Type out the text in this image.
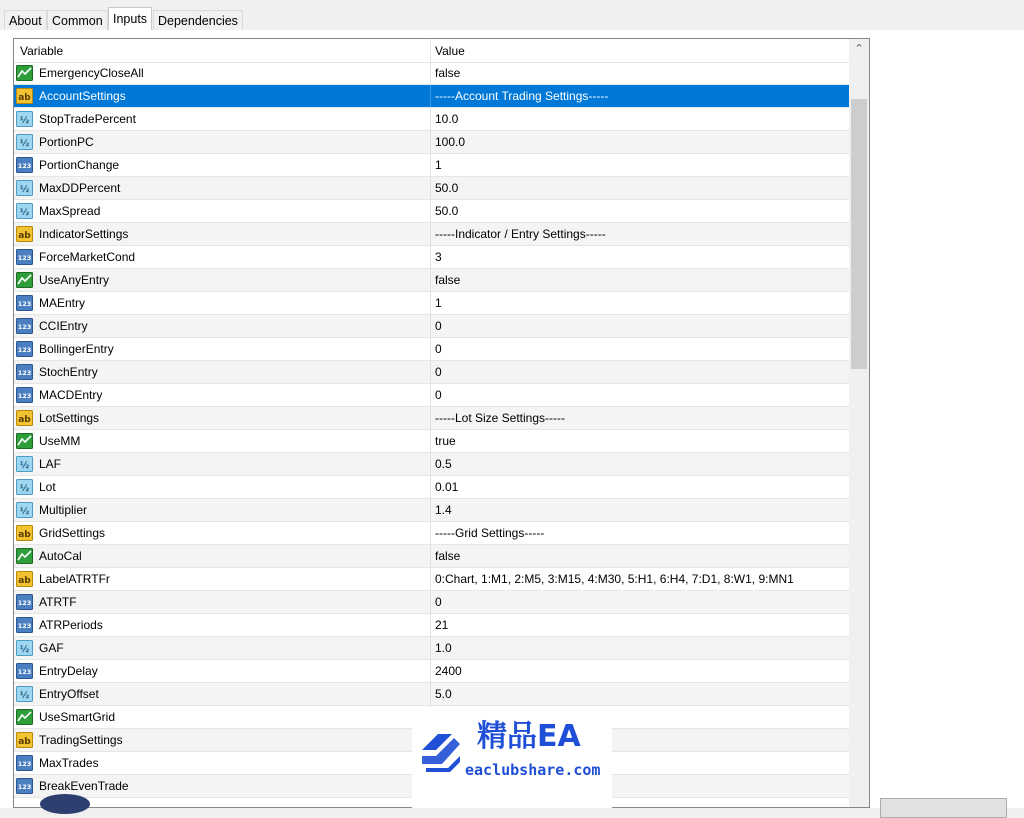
About Common Inputs Dependencies
Variable	Value
EmergencyCloseAll	false
ab AccountSettings	-----Account Trading Settings-----
½ StopTradePercent	10.0
½ PortionPC	100.0
123 PortionChange	1
½ MaxDDPercent	50.0
½ MaxSpread	50.0
ab IndicatorSettings	-----Indicator / Entry Settings-----
123 ForceMarketCond	3
UseAnyEntry	false
123 MAEntry	1
123 CCIEntry	0
123 BollingerEntry	0
123 StochEntry	0
123 MACDEntry	0
ab LotSettings	-----Lot Size Settings-----
UseMM	true
½ LAF	0.5
½ Lot	0.01
½ Multiplier	1.4
ab GridSettings	-----Grid Settings-----
AutoCal	false
ab LabelATRTFr	0:Chart, 1:M1, 2:M5, 3:M15, 4:M30, 5:H1, 6:H4, 7:D1, 8:W1, 9:MN1
123 ATRTF	0
123 ATRPeriods	21
½ GAF	1.0
123 EntryDelay	2400
½ EntryOffset	5.0
UseSmartGrid
ab TradingSettings
123 MaxTrades
123 BreakEvenTrade
⌃
精品EA
eaclubshare.com
